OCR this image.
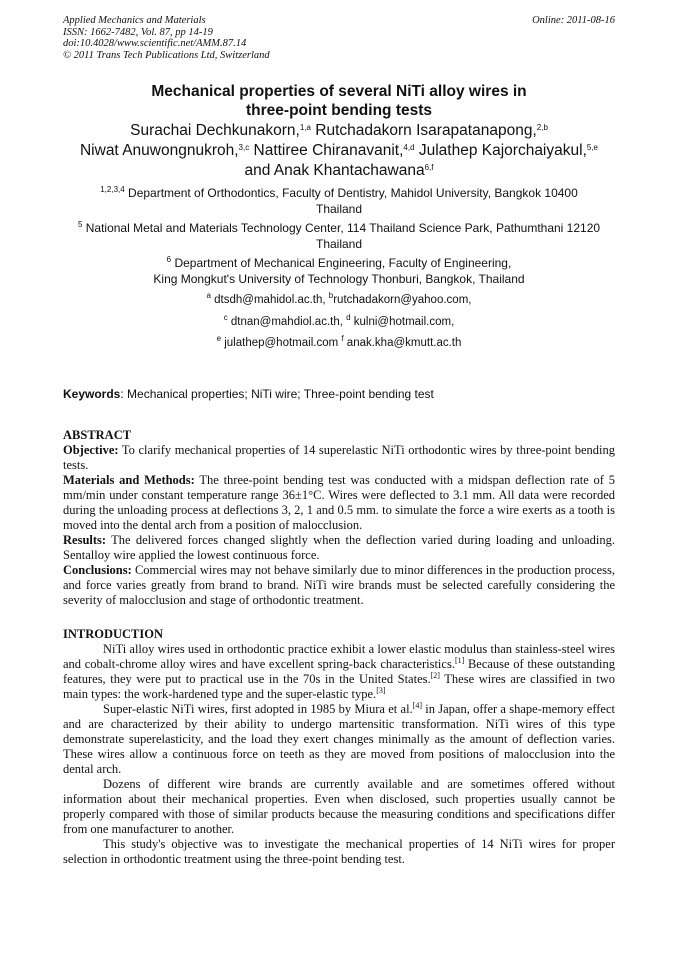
Applied Mechanics and Materials
ISSN: 1662-7482, Vol. 87, pp 14-19
doi:10.4028/www.scientific.net/AMM.87.14
© 2011 Trans Tech Publications Ltd, Switzerland
Online: 2011-08-16
Mechanical properties of several NiTi alloy wires in
three-point bending tests
Surachai Dechkunakorn,$^{1,a}$ Rutchadakorn Isarapatanapong,$^{2,b}$
Niwat Anuwongnukroh,$^{3,c}$ Nattiree Chiranavanit,$^{4,d}$ Julathep Kajorchaiyakul,$^{5,e}$
and Anak Khantachawana$^{6,f}$
$^{1,2,3,4}$ Department of Orthodontics, Faculty of Dentistry, Mahidol University, Bangkok 10400
Thailand
$^5$ National Metal and Materials Technology Center, 114 Thailand Science Park, Pathumthani 12120
Thailand
$^6$ Department of Mechanical Engineering, Faculty of Engineering,
King Mongkut's University of Technology Thonburi, Bangkok, Thailand
$^a$ dtsdh@mahidol.ac.th, $^b$rutchadakorn@yahoo.com,
$^c$ dtnan@mahdiol.ac.th, $^d$ kulni@hotmail.com,
$^e$ julathep@hotmail.com $^f$ anak.kha@kmutt.ac.th
Keywords: Mechanical properties; NiTi wire; Three-point bending test

ABSTRACT

Objective: To clarify mechanical properties of 14 superelastic NiTi orthodontic wires by three-point bending tests.

Materials and Methods: The three-point bending test was conducted with a midspan deflection rate of 5 mm/min under constant temperature range 36±1°C. Wires were deflected to 3.1 mm. All data were recorded during the unloading process at deflections 3, 2, 1 and 0.5 mm. to simulate the force a wire exerts as a tooth is moved into the dental arch from a position of malocclusion.

Results: The delivered forces changed slightly when the deflection varied during loading and unloading. Sentalloy wire applied the lowest continuous force.

Conclusions: Commercial wires may not behave similarly due to minor differences in the production process, and force varies greatly from brand to brand. NiTi wire brands must be selected carefully considering the severity of malocclusion and stage of orthodontic treatment.

INTRODUCTION

NiTi alloy wires used in orthodontic practice exhibit a lower elastic modulus than stainless-steel wires and cobalt-chrome alloy wires and have excellent spring-back characteristics.[1] Because of these outstanding features, they were put to practical use in the 70s in the United States.[2] These wires are classified in two main types: the work-hardened type and the super-elastic type.[3]

Super-elastic NiTi wires, first adopted in 1985 by Miura et al.[4] in Japan, offer a shape-memory effect and are characterized by their ability to undergo martensitic transformation. NiTi wires of this type demonstrate superelasticity, and the load they exert changes minimally as the amount of deflection varies. These wires allow a continuous force on teeth as they are moved from positions of malocclusion into the dental arch.

Dozens of different wire brands are currently available and are sometimes offered without information about their mechanical properties. Even when disclosed, such properties usually cannot be properly compared with those of similar products because the measuring conditions and specifications differ from one manufacturer to another.

This study's objective was to investigate the mechanical properties of 14 NiTi wires for proper selection in orthodontic treatment using the three-point bending test.
